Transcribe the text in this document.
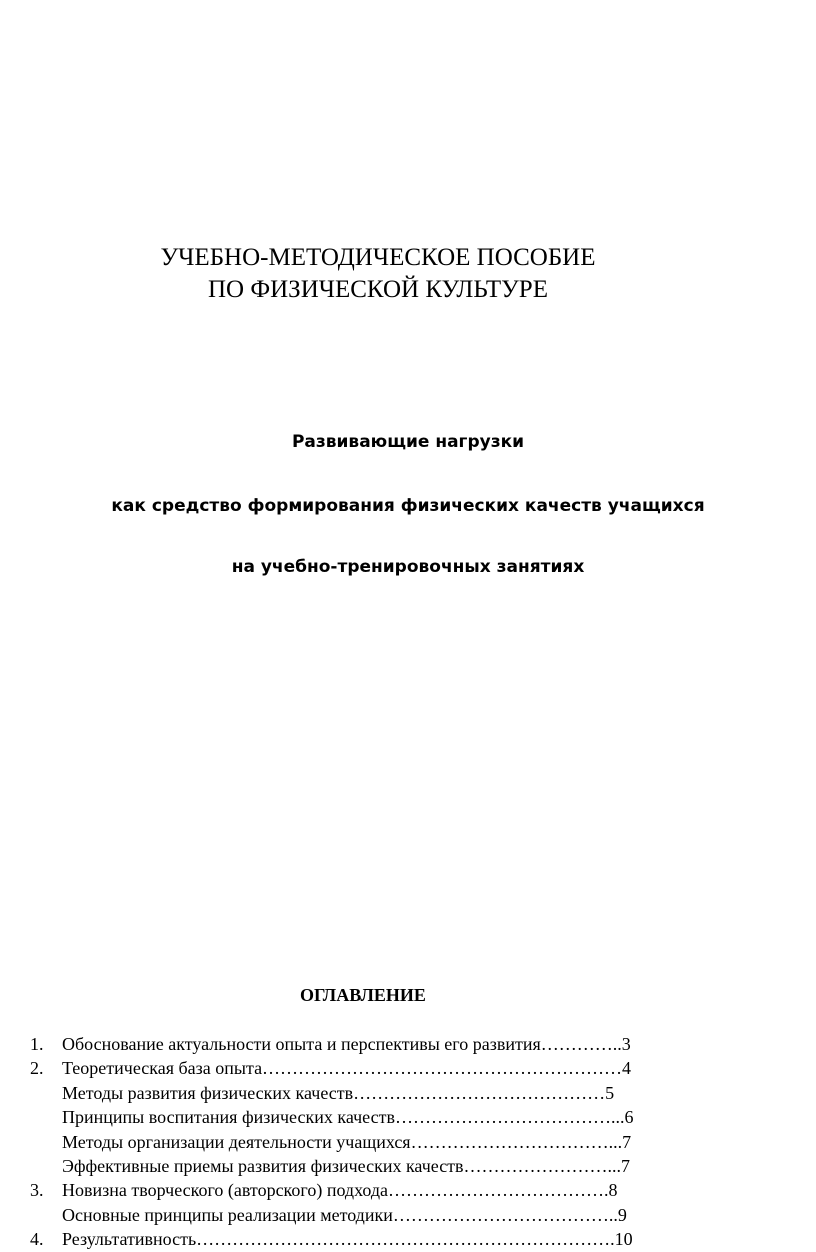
УЧЕБНО-МЕТОДИЧЕСКОЕ ПОСОБИЕ
ПО ФИЗИЧЕСКОЙ КУЛЬТУРЕ
Развивающие нагрузки
как средство формирования физических качеств учащихся
на учебно-тренировочных занятиях
ОГЛАВЛЕНИЕ
1.	Обоснование актуальности опыта и перспективы его развития…………..3
2.	Теоретическая база опыта……………………………………………………4
Методы развития физических качеств……………………………………5
Принципы воспитания физических качеств………………………………...6
Методы организации деятельности учащихся……………………………...7
Эффективные приемы развития физических качеств……………………...7
3.	Новизна творческого (авторского) подхода……………………………….8
Основные принципы реализации методики………………………………..9
4.	Результативность…………………………………………………………….10
